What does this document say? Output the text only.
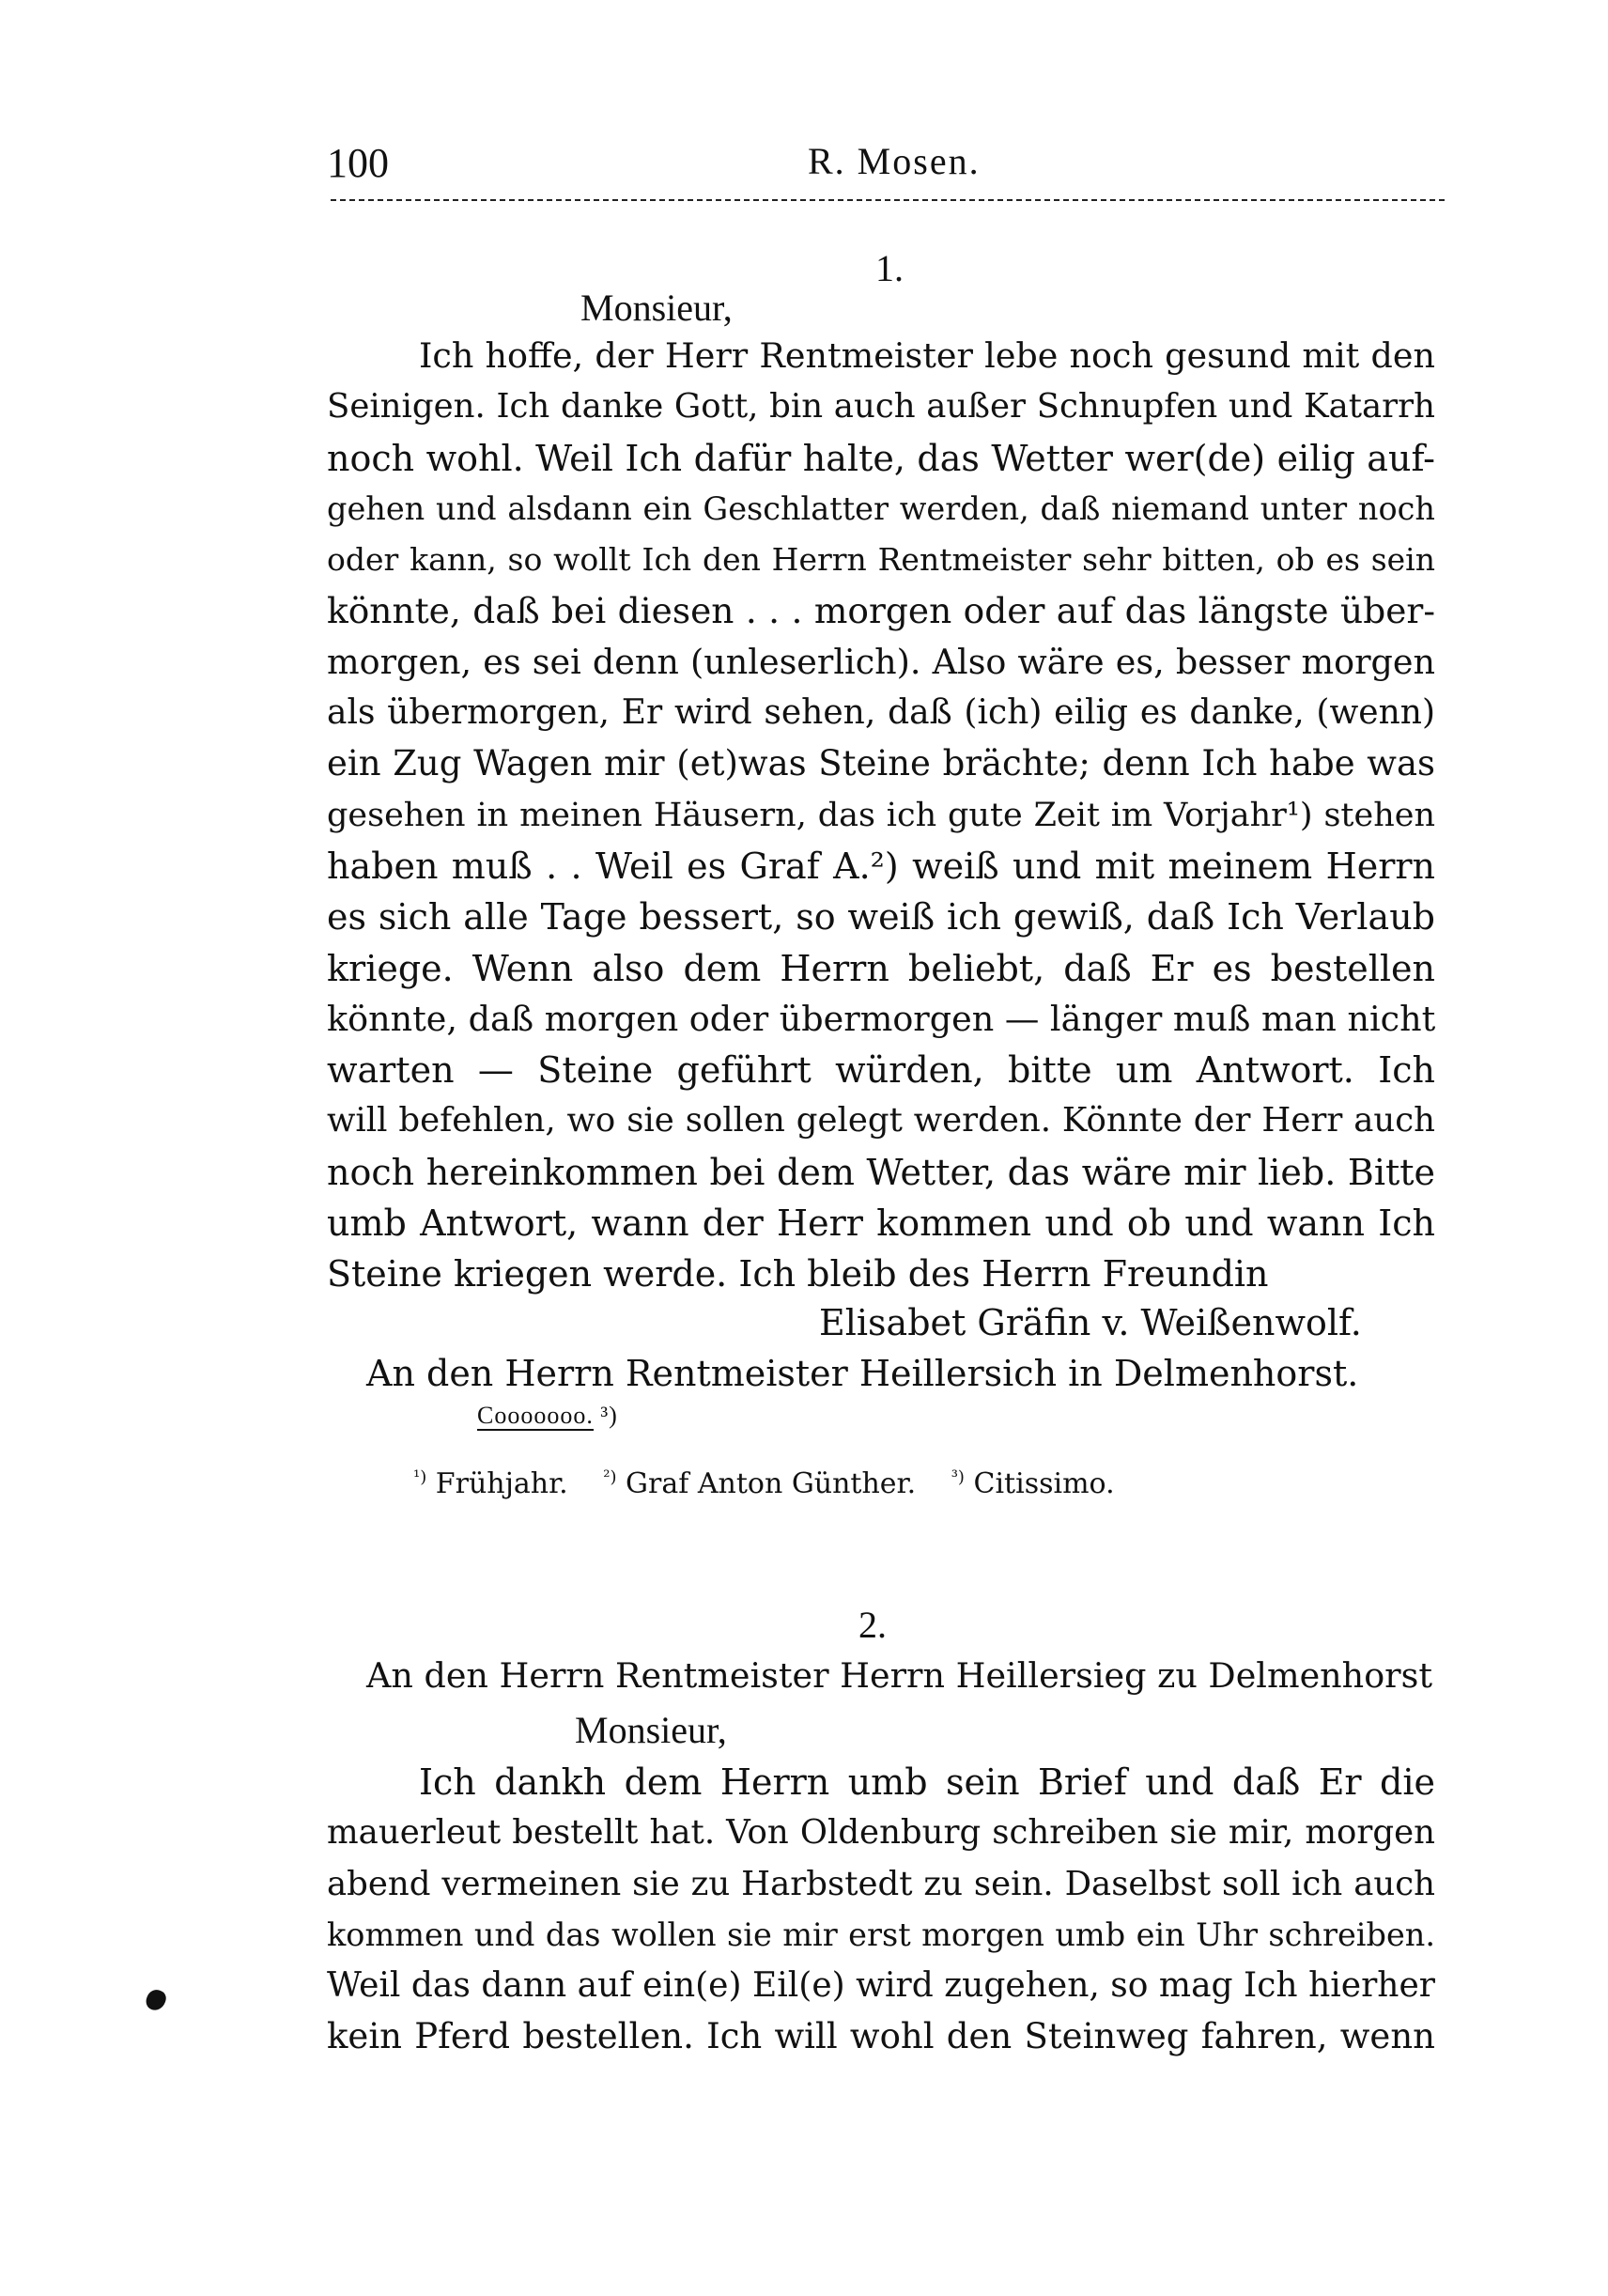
100	R. Mosen.
1.
Monsieur,
Ich hoffe, der Herr Rentmeister lebe noch gesund mit den
Seinigen. Ich danke Gott, bin auch außer Schnupfen und Katarrh
noch wohl. Weil Ich dafür halte, das Wetter wer(de) eilig auf-
gehen und alsdann ein Geschlatter werden, daß niemand unter noch
oder kann, so wollt Ich den Herrn Rentmeister sehr bitten, ob es sein
könnte, daß bei diesen . . . morgen oder auf das längste über-
morgen, es sei denn (unleserlich). Also wäre es, besser morgen
als übermorgen, Er wird sehen, daß (ich) eilig es danke, (wenn)
ein Zug Wagen mir (et)was Steine brächte; denn Ich habe was
gesehen in meinen Häusern, das ich gute Zeit im Vorjahr¹) stehen
haben muß . . Weil es Graf A.²) weiß und mit meinem Herrn
es sich alle Tage bessert, so weiß ich gewiß, daß Ich Verlaub
kriege. Wenn also dem Herrn beliebt, daß Er es bestellen
könnte, daß morgen oder übermorgen — länger muß man nicht
warten — Steine geführt würden, bitte um Antwort. Ich
will befehlen, wo sie sollen gelegt werden. Könnte der Herr auch
noch hereinkommen bei dem Wetter, das wäre mir lieb. Bitte
umb Antwort, wann der Herr kommen und ob und wann Ich
Steine kriegen werde. Ich bleib des Herrn Freundin
Elisabet Gräfin v. Weißenwolf.
An den Herrn Rentmeister Heillersich in Delmenhorst.
Cooooooo. ³)
$^{^1)}$ Frühjahr. $^{^2)}$ Graf Anton Günther. $^{^3)}$ Citissimo.
2.
An den Herrn Rentmeister Herrn Heillersieg zu Delmenhorst
Monsieur,
Ich dankh dem Herrn umb sein Brief und daß Er die
mauerleut bestellt hat. Von Oldenburg schreiben sie mir, morgen
abend vermeinen sie zu Harbstedt zu sein. Daselbst soll ich auch
kommen und das wollen sie mir erst morgen umb ein Uhr schreiben.
Weil das dann auf ein(e) Eil(e) wird zugehen, so mag Ich hierher
kein Pferd bestellen. Ich will wohl den Steinweg fahren, wenn
